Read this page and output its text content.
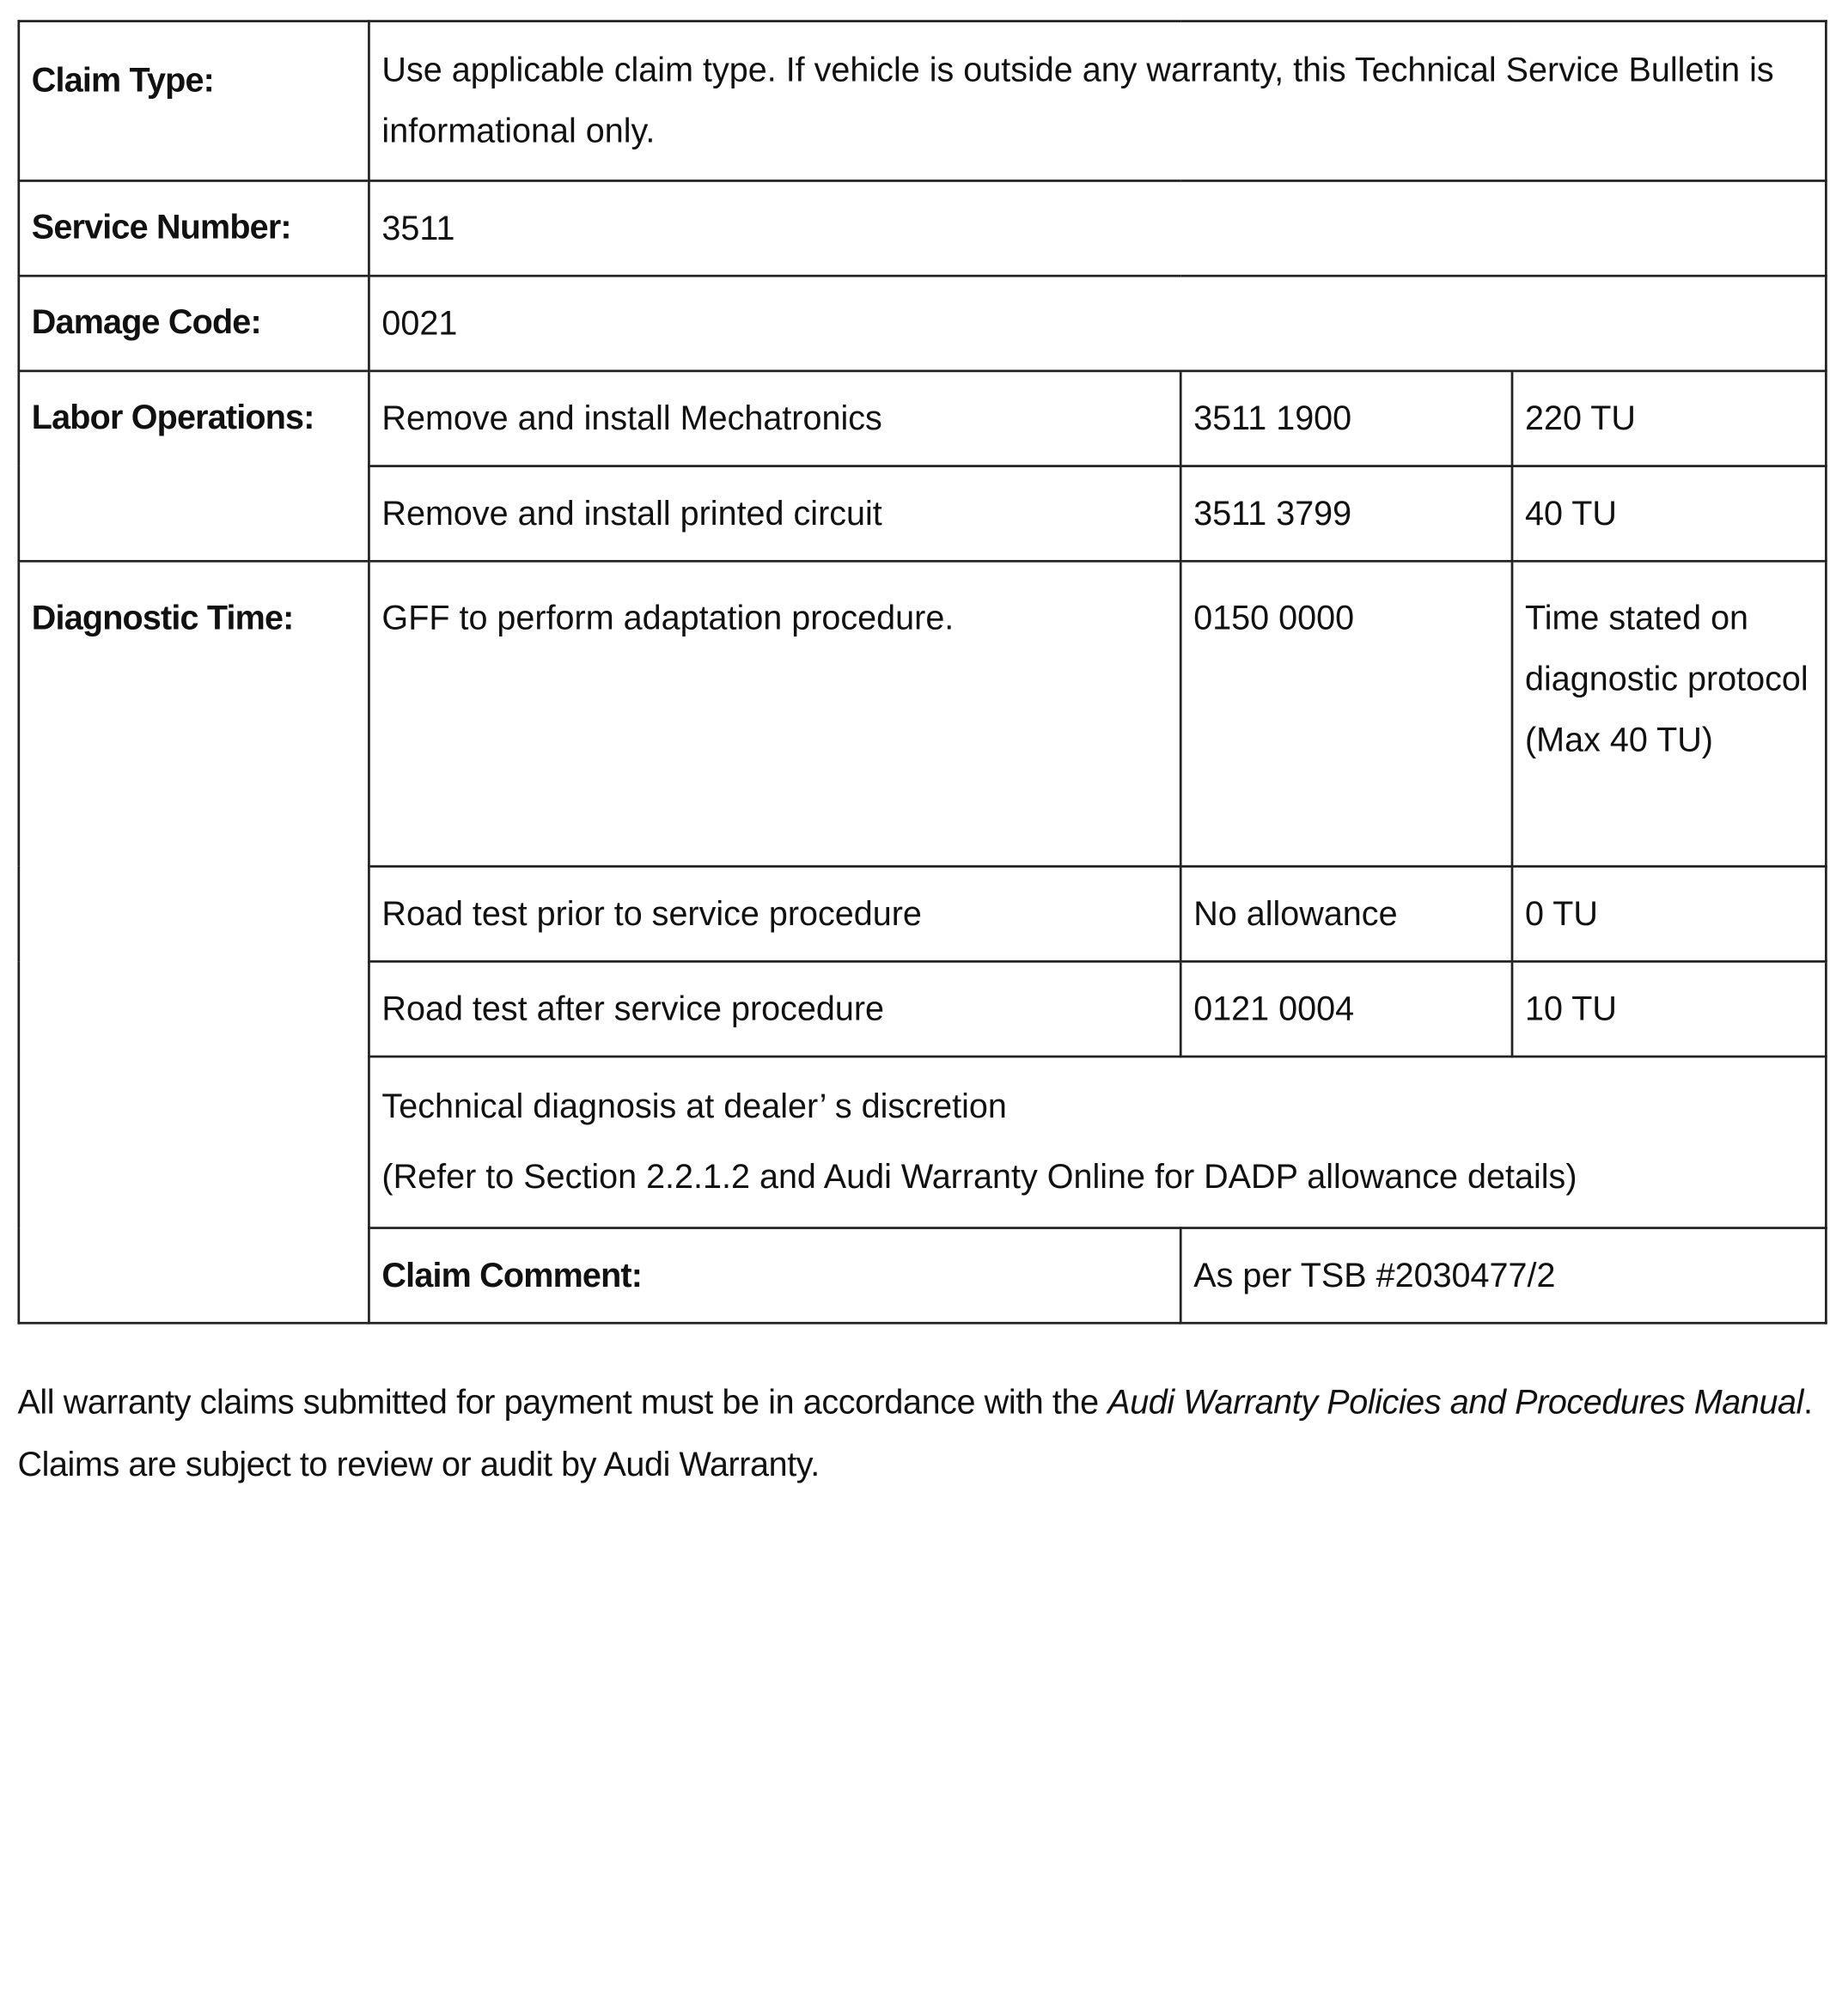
Claim Type:	Use applicable claim type. If vehicle is outside any warranty, this Technical Service Bulletin is informational only.		
Service Number:	3511		
Damage Code:	0021		
Labor Operations:	Remove and install Mechatronics	3511 1900	220 TU
	Remove and install printed circuit	3511 3799	40 TU
Diagnostic Time:	GFF to perform adaptation procedure.	0150 0000	Time stated on diagnostic protocol (Max 40 TU)
	Road test prior to service procedure	No allowance	0 TU
	Road test after service procedure	0121 0004	10 TU

	Technical diagnosis at dealer’ s discretion
(Refer to Section 2.2.1.2 and Audi Warranty Online for DADP allowance details)		

	Claim Comment:	As per TSB #2030477/2	

All warranty claims submitted for payment must be in accordance with the Audi Warranty Policies and Procedures Manual. Claims are subject to review or audit by Audi Warranty.
